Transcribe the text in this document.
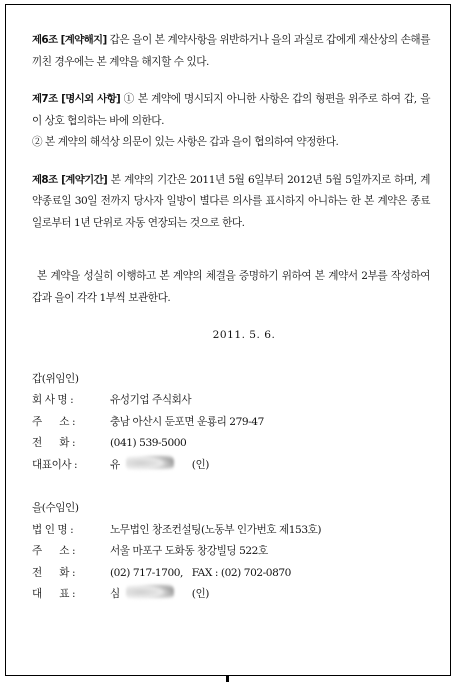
제6조 [계약해지] 갑은 을이 본 계약사항을 위반하거나 을의 과실로 갑에게 재산상의 손해를 끼친 경우에는 본 계약을 해지할 수 있다.

제7조 [명시외 사항] ① 본 계약에 명시되지 아니한 사항은 갑의 형편을 위주로 하여 갑, 을이 상호 협의하는 바에 의한다.

② 본 계약의 해석상 의문이 있는 사항은 갑과 을이 협의하여 약정한다.

제8조 [계약기간] 본 계약의 기간은 2011년 5월 6일부터 2012년 5월 5일까지로 하며, 계약종료일 30일 전까지 당사자 일방이 별다른 의사를 표시하지 아니하는 한 본 계약은 종료일로부터 1년 단위로 자동 연장되는 것으로 한다.

본 계약을 성실히 이행하고 본 계약의 체결을 증명하기 위하여 본 계약서 2부를 작성하여 갑과 을이 각각 1부씩 보관한다.

2011. 5. 6.

갑(위임인)

회 사 명 :	유성기업 주식회사
주      소 :	충남 아산시 둔포면 운룡리 279-47
전      화 :	(041) 539-5000
대표이사 :	유	(인)

을(수임인)

법 인 명 :	노무법인 창조컨설팅(노동부 인가번호 제153호)
주      소 :	서울 마포구 도화동 창강빌딩 522호
전      화 :	(02) 717-1700,   FAX : (02) 702-0870
대      표 :	심	(인)
